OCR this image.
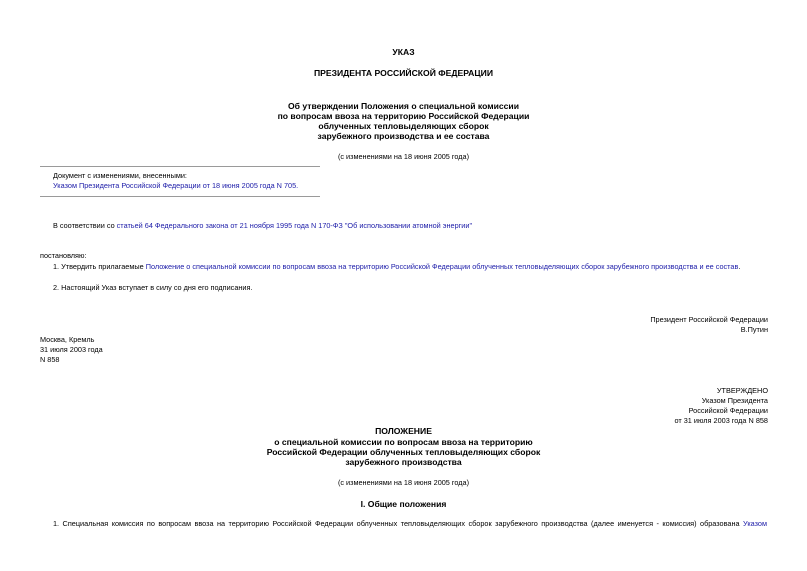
УКАЗ
ПРЕЗИДЕНТА РОССИЙСКОЙ ФЕДЕРАЦИИ
Об утверждении Положения о специальной комиссии
по вопросам ввоза на территорию Российской Федерации
облученных тепловыделяющих сборок
зарубежного производства и ее состава
(с изменениями на 18 июня 2005 года)
Документ с изменениями, внесенными:
Указом Президента Российской Федерации от 18 июня 2005 года N 705.
В соответствии со статьей 64 Федерального закона от 21 ноября 1995 года N 170-ФЗ "Об использовании атомной энергии"
постановляю:
1. Утвердить прилагаемые Положение о специальной комиссии по вопросам ввоза на территорию Российской Федерации облученных тепловыделяющих сборок зарубежного производства и ее состав.
2. Настоящий Указ вступает в силу со дня его подписания.
Президент Российской Федерации
В.Путин
Москва, Кремль
31 июля 2003 года
N 858
УТВЕРЖДЕНО
Указом Президента
Российской Федерации
от 31 июля 2003 года N 858
ПОЛОЖЕНИЕ
о специальной комиссии по вопросам ввоза на территорию
Российской Федерации облученных тепловыделяющих сборок
зарубежного производства
(с изменениями на 18 июня 2005 года)
I. Общие положения
1. Специальная комиссия по вопросам ввоза на территорию Российской Федерации облученных тепловыделяющих сборок зарубежного производства (далее именуется - комиссия) образована Указом
